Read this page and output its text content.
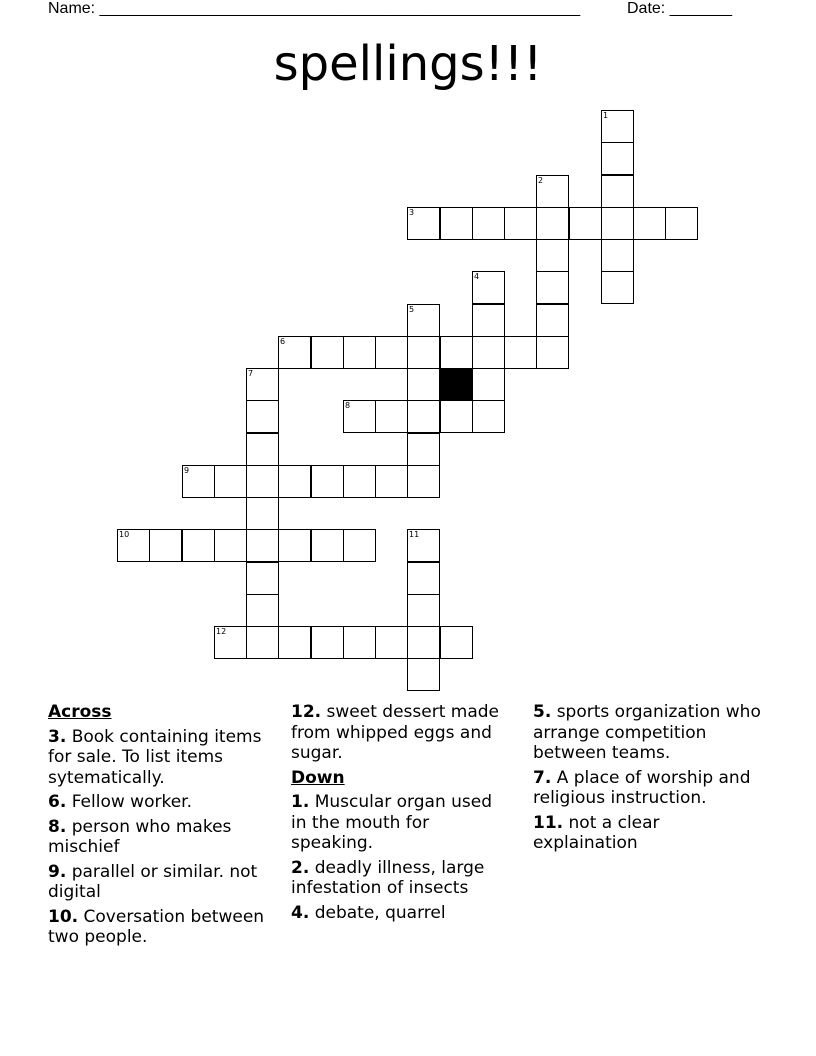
Name: ______________________________________________________	Date: _______
spellings!!!
1
2
3
4
5
6
7
8
9
10	11
12
Across
3. Book containing items for sale. To list items sytematically.
6. Fellow worker.
8. person who makes mischief
9. parallel or similar. not digital
10. Coversation between two people.
12. sweet dessert made from whipped eggs and sugar.
Down
1. Muscular organ used in the mouth for speaking.
2. deadly illness, large infestation of insects
4. debate, quarrel
5. sports organization who arrange competition between teams.
7. A place of worship and religious instruction.
11. not a clear explaination
